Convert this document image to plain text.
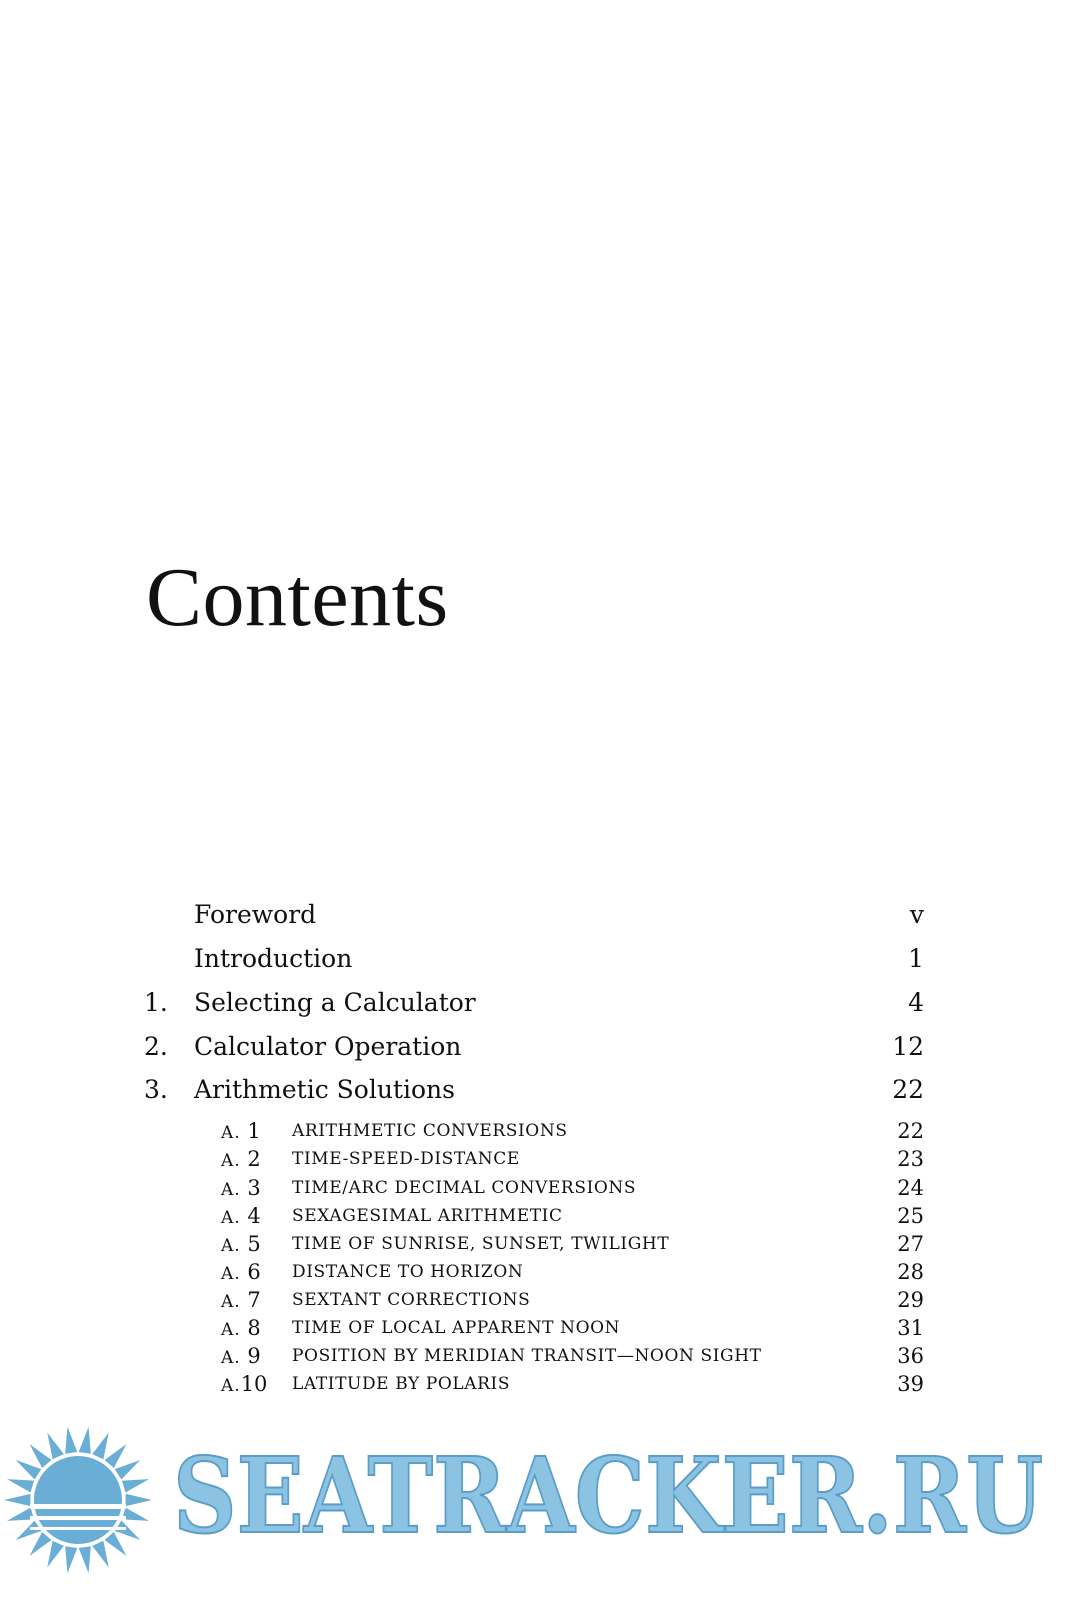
Contents
Foreword	v
Introduction	1
1. Selecting a Calculator	4
2. Calculator Operation	12
3. Arithmetic Solutions	22
A. 1 ARITHMETIC CONVERSIONS	22
A. 2 TIME-SPEED-DISTANCE	23
A. 3 TIME/ARC DECIMAL CONVERSIONS	24
A. 4 SEXAGESIMAL ARITHMETIC	25
A. 5 TIME OF SUNRISE, SUNSET, TWILIGHT	27
A. 6 DISTANCE TO HORIZON	28
A. 7 SEXTANT CORRECTIONS	29
A. 8 TIME OF LOCAL APPARENT NOON	31
A. 9 POSITION BY MERIDIAN TRANSIT—NOON SIGHT	36
A.10 LATITUDE BY POLARIS	39
SEATRACKER.RU
